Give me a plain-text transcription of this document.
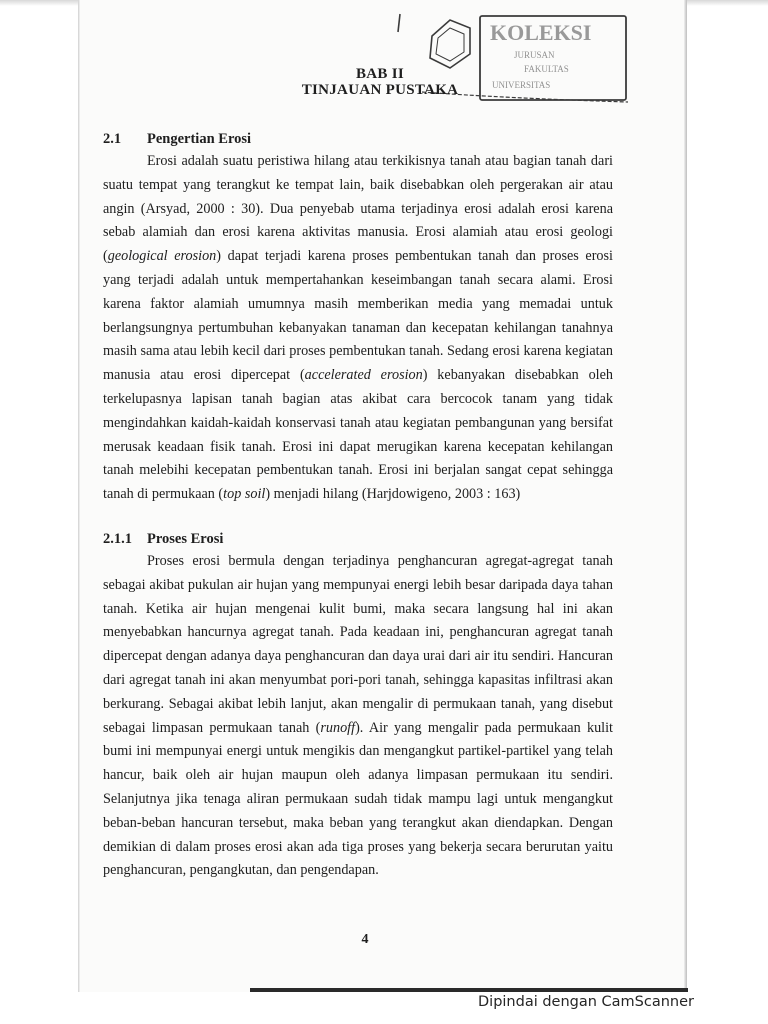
KOLEKSI
JURUSAN
FAKULTAS
UNIVERSITAS
BAB II
TINJAUAN PUSTAKA
2.1 Pengertian Erosi
Erosi adalah suatu peristiwa hilang atau terkikisnya tanah atau bagian tanah dari suatu tempat yang terangkut ke tempat lain, baik disebabkan oleh pergerakan air atau angin (Arsyad, 2000 : 30). Dua penyebab utama terjadinya erosi adalah erosi karena sebab alamiah dan erosi karena aktivitas manusia. Erosi alamiah atau erosi geologi (geological erosion) dapat terjadi karena proses pembentukan tanah dan proses erosi yang terjadi adalah untuk mempertahankan keseimbangan tanah secara alami. Erosi karena faktor alamiah umumnya masih memberikan media yang memadai untuk berlangsungnya pertumbuhan kebanyakan tanaman dan kecepatan kehilangan tanahnya masih sama atau lebih kecil dari proses pembentukan tanah. Sedang erosi karena kegiatan manusia atau erosi dipercepat (accelerated erosion) kebanyakan disebabkan oleh terkelupasnya lapisan tanah bagian atas akibat cara bercocok tanam yang tidak mengindahkan kaidah-kaidah konservasi tanah atau kegiatan pembangunan yang bersifat merusak keadaan fisik tanah. Erosi ini dapat merugikan karena kecepatan kehilangan tanah melebihi kecepatan pembentukan tanah. Erosi ini berjalan sangat cepat sehingga tanah di permukaan (top soil) menjadi hilang (Harjdowigeno, 2003 : 163)
2.1.1 Proses Erosi
Proses erosi bermula dengan terjadinya penghancuran agregat-agregat tanah sebagai akibat pukulan air hujan yang mempunyai energi lebih besar daripada daya tahan tanah. Ketika air hujan mengenai kulit bumi, maka secara langsung hal ini akan menyebabkan hancurnya agregat tanah. Pada keadaan ini, penghancuran agregat tanah dipercepat dengan adanya daya penghancuran dan daya urai dari air itu sendiri. Hancuran dari agregat tanah ini akan menyumbat pori-pori tanah, sehingga kapasitas infiltrasi akan berkurang. Sebagai akibat lebih lanjut, akan mengalir di permukaan tanah, yang disebut sebagai limpasan permukaan tanah (runoff). Air yang mengalir pada permukaan kulit bumi ini mempunyai energi untuk mengikis dan mengangkut partikel-partikel yang telah hancur, baik oleh air hujan maupun oleh adanya limpasan permukaan itu sendiri. Selanjutnya jika tenaga aliran permukaan sudah tidak mampu lagi untuk mengangkut beban-beban hancuran tersebut, maka beban yang terangkut akan diendapkan. Dengan demikian di dalam proses erosi akan ada tiga proses yang bekerja secara berurutan yaitu penghancuran, pengangkutan, dan pengendapan.
4
Dipindai dengan CamScanner
